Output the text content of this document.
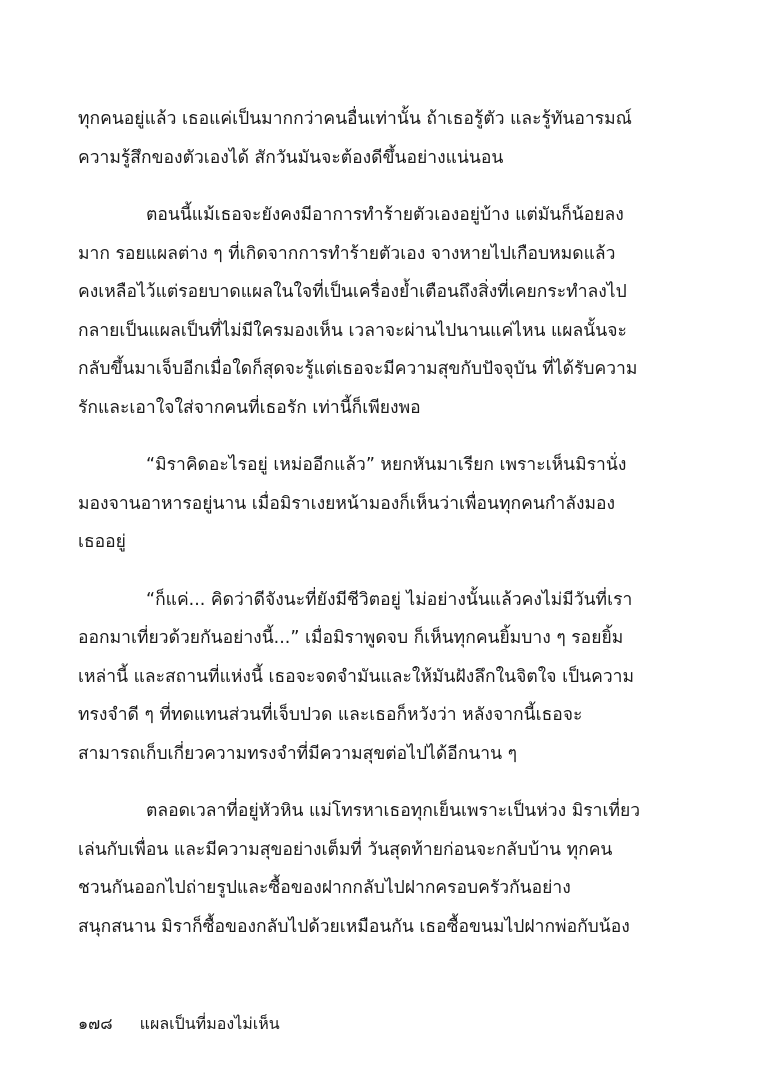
ทุกคนอยู่แล้ว เธอแค่เป็นมากกว่าคนอื่นเท่านั้น ถ้าเธอรู้ตัว และรู้ทันอารมณ์
ความรู้สึกของตัวเองได้ สักวันมันจะต้องดีขึ้นอย่างแน่นอน

ตอนนี้แม้เธอจะยังคงมีอาการทำร้ายตัวเองอยู่บ้าง แต่มันก็น้อยลง
มาก รอยแผลต่าง ๆ ที่เกิดจากการทำร้ายตัวเอง จางหายไปเกือบหมดแล้ว
คงเหลือไว้แต่รอยบาดแผลในใจที่เป็นเครื่องย้ำเตือนถึงสิ่งที่เคยกระทำลงไป
กลายเป็นแผลเป็นที่ไม่มีใครมองเห็น เวลาจะผ่านไปนานแค่ไหน แผลนั้นจะ
กลับขึ้นมาเจ็บอีกเมื่อใดก็สุดจะรู้แต่เธอจะมีความสุขกับปัจจุบัน ที่ได้รับความ
รักและเอาใจใส่จากคนที่เธอรัก เท่านี้ก็เพียงพอ

“มิราคิดอะไรอยู่ เหม่ออีกแล้ว” หยกหันมาเรียก เพราะเห็นมิรานั่ง
มองจานอาหารอยู่นาน เมื่อมิราเงยหน้ามองก็เห็นว่าเพื่อนทุกคนกำลังมอง
เธออยู่

“ก็แค่... คิดว่าดีจังนะที่ยังมีชีวิตอยู่ ไม่อย่างนั้นแล้วคงไม่มีวันที่เรา
ออกมาเที่ยวด้วยกันอย่างนี้...” เมื่อมิราพูดจบ ก็เห็นทุกคนยิ้มบาง ๆ รอยยิ้ม
เหล่านี้ และสถานที่แห่งนี้ เธอจะจดจำมันและให้มันฝังลึกในจิตใจ เป็นความ
ทรงจำดี ๆ ที่ทดแทนส่วนที่เจ็บปวด และเธอก็หวังว่า หลังจากนี้เธอจะ
สามารถเก็บเกี่ยวความทรงจำที่มีความสุขต่อไปได้อีกนาน ๆ

ตลอดเวลาที่อยู่หัวหิน แม่โทรหาเธอทุกเย็นเพราะเป็นห่วง มิราเที่ยว
เล่นกับเพื่อน และมีความสุขอย่างเต็มที่ วันสุดท้ายก่อนจะกลับบ้าน ทุกคน
ชวนกันออกไปถ่ายรูปและซื้อของฝากกลับไปฝากครอบครัวกันอย่าง
สนุกสนาน มิราก็ซื้อของกลับไปด้วยเหมือนกัน เธอซื้อขนมไปฝากพ่อกับน้อง

๑๗๘ แผลเป็นที่มองไม่เห็น
